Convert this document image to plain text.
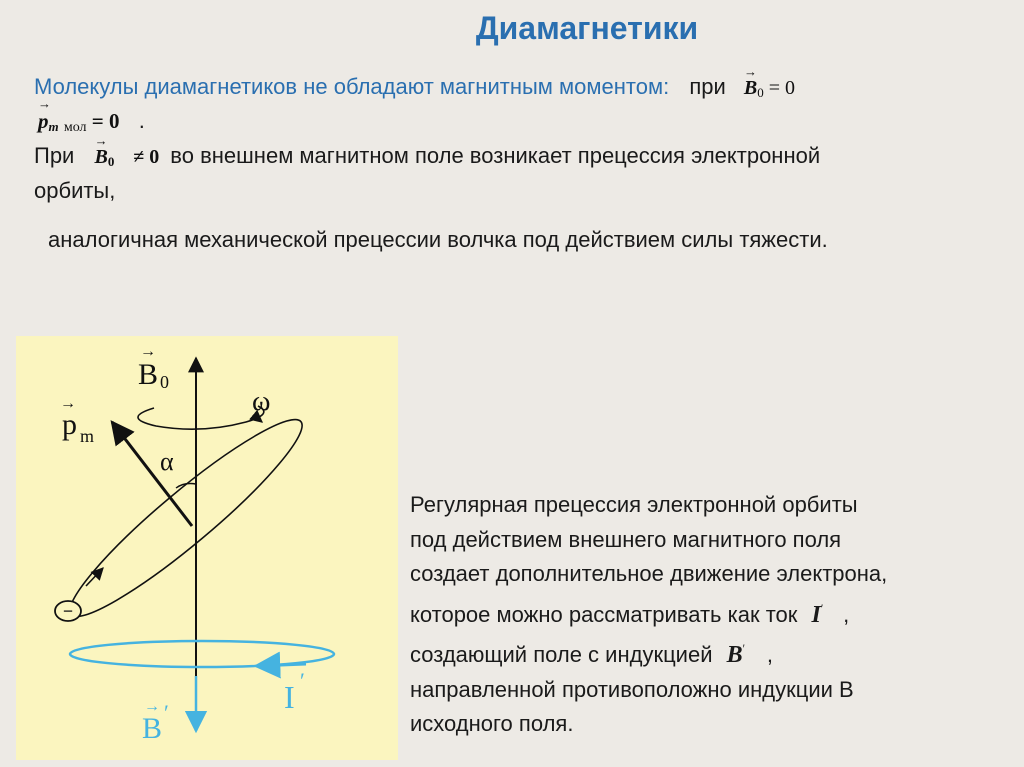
Диамагнетики
Молекулы диамагнетиков не обладают магнитным моментом: при → $B_0 = 0$
→ $p_m$ $_{мол}$ = 0 .
При → $B_0 \ne 0$ во внешнем магнитном поле возникает прецессия электронной
орбиты,
аналогичная механической прецессии волчка под действием силы тяжести.
−
B
→
0
p
→
m
ω
α
I ′
B
→ ′
Регулярная прецессия электронной орбиты
под действием внешнего магнитного поля
создает дополнительное движение электрона,
которое можно рассматривать как ток I′ ,
создающий поле с индукцией B′ ,
направленной противоположно индукции В
исходного поля.
